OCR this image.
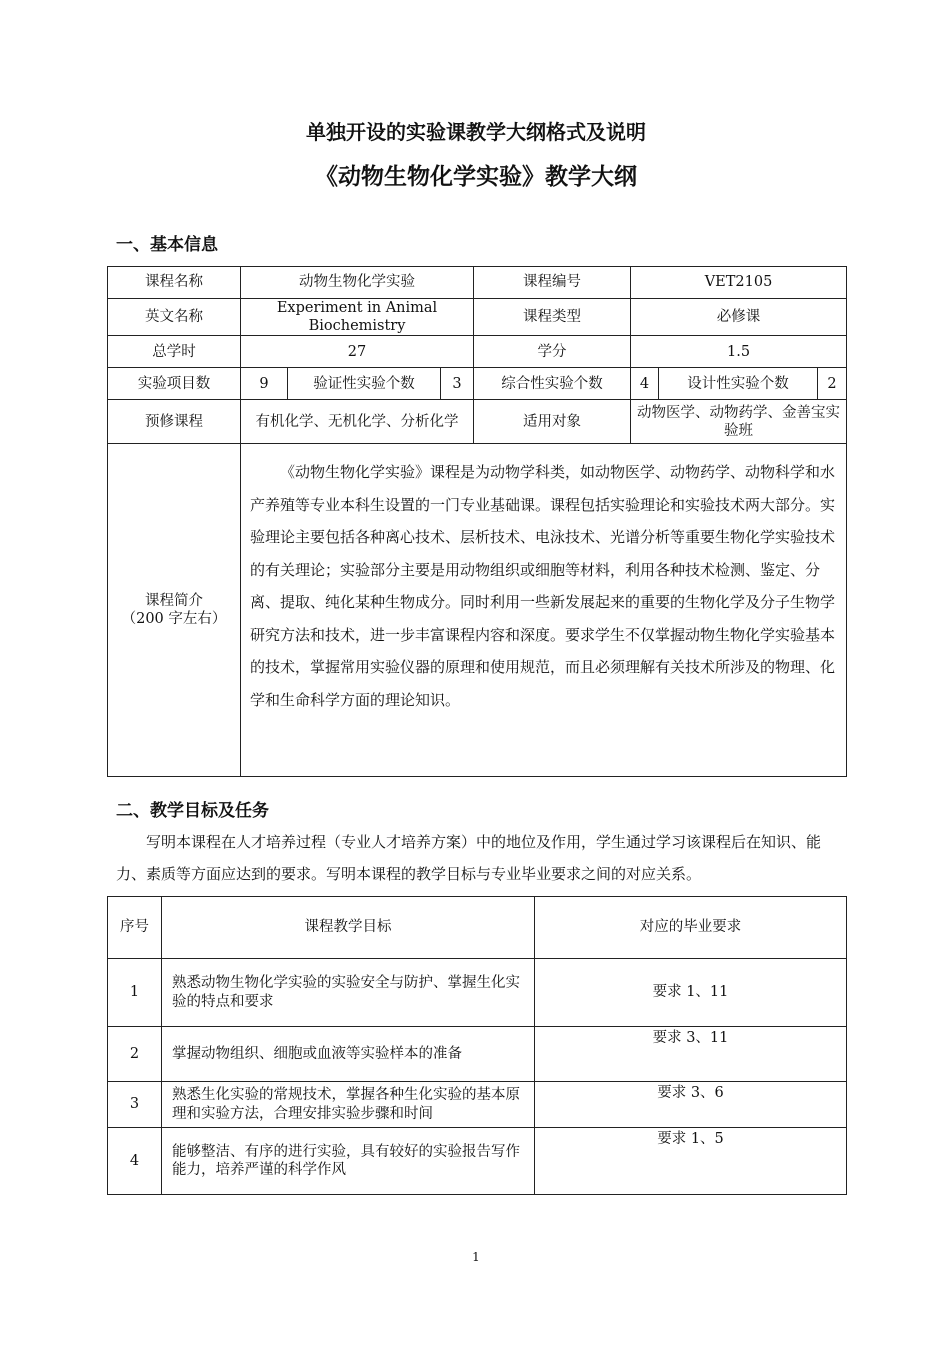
单独开设的实验课教学大纲格式及说明
《动物生物化学实验》教学大纲
一、基本信息
课程名称	动物生物化学实验			课程编号	VET2105		
英文名称	Experiment in Animal Biochemistry			课程类型	必修课		
总学时	27			学分	1.5		
实验项目数	9	验证性实验个数	3	综合性实验个数	4	设计性实验个数	2
预修课程	有机化学、无机化学、分析化学			适用对象	动物医学、动物药学、金善宝实验班		

课程简介
（200 字左右）	《动物生物化学实验》课程是为动物学科类，如动物医学、动物药学、动物科学和水产养殖等专业本科生设置的一门专业基础课。课程包括实验理论和实验技术两大部分。实验理论主要包括各种离心技术、层析技术、电泳技术、光谱分析等重要生物化学实验技术的有关理论；实验部分主要是用动物组织或细胞等材料，利用各种技术检测、鉴定、分离、提取、纯化某种生物成分。同时利用一些新发展起来的重要的生物化学及分子生物学研究方法和技术，进一步丰富课程内容和深度。要求学生不仅掌握动物生物化学实验基本的技术，掌握常用实验仪器的原理和使用规范，而且必须理解有关技术所涉及的物理、化学和生命科学方面的理论知识。						
二、教学目标及任务
写明本课程在人才培养过程（专业人才培养方案）中的地位及作用，学生通过学习该课程后在知识、能力、素质等方面应达到的要求。写明本课程的教学目标与专业毕业要求之间的对应关系。
序号	课程教学目标	对应的毕业要求
1	熟悉动物生物化学实验的实验安全与防护、掌握生化实验的特点和要求	要求 1、11
2	掌握动物组织、细胞或血液等实验样本的准备	要求 3、11
3	熟悉生化实验的常规技术，掌握各种生化实验的基本原理和实验方法，合理安排实验步骤和时间	要求 3、6
4	能够整洁、有序的进行实验，具有较好的实验报告写作能力，培养严谨的科学作风	要求 1、5
1
